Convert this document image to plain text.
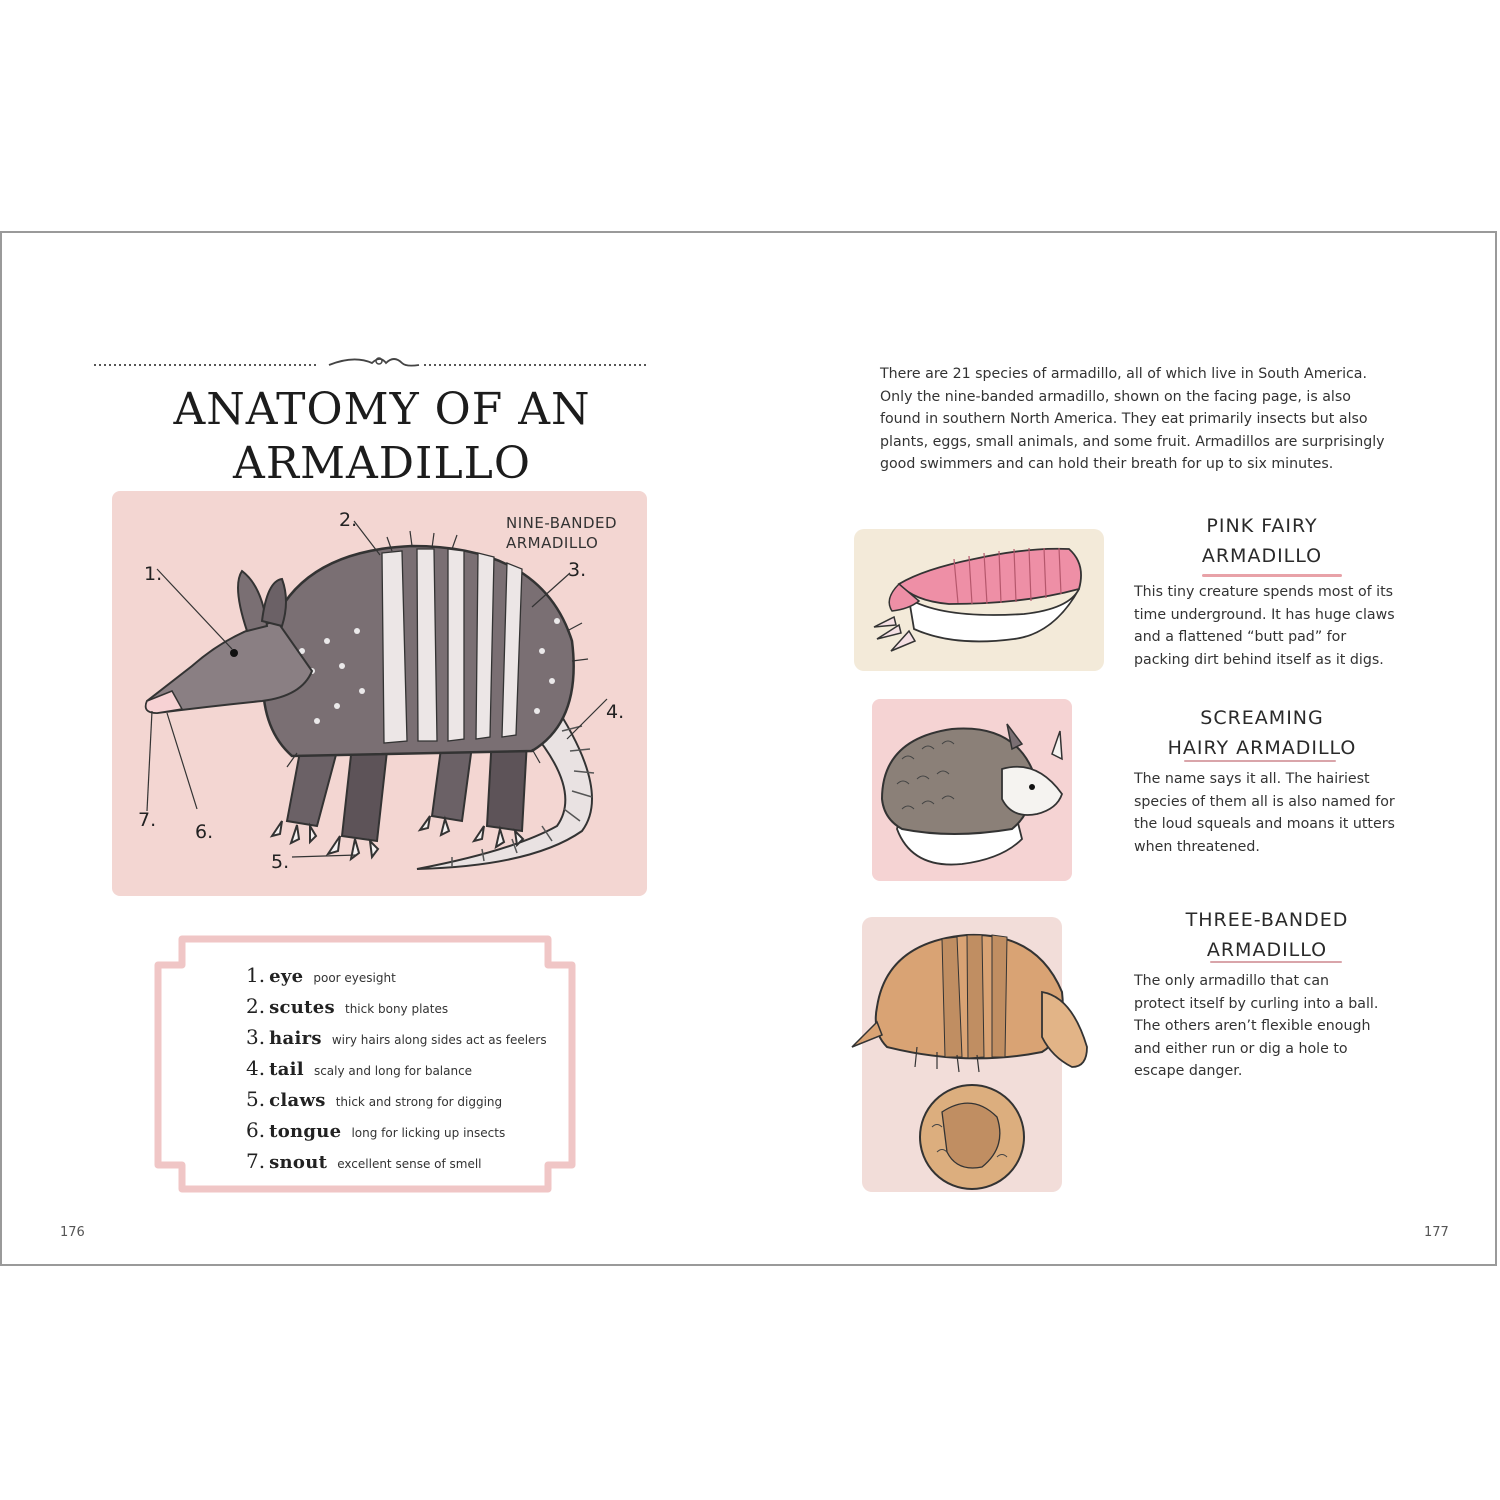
ANATOMY OF AN
ARMADILLO
NINE-BANDED
ARMADILLO
1.
2.
3.
4.
5.
6.
7.
1. eye poor eyesight
2. scutes thick bony plates
3. hairs wiry hairs along sides act as feelers
4. tail scaly and long for balance
5. claws thick and strong for digging
6. tongue long for licking up insects
7. snout excellent sense of smell
176
There are 21 species of armadillo, all of which live in South America. Only the nine-banded armadillo, shown on the facing page, is also found in southern North America. They eat primarily insects but also plants, eggs, small animals, and some fruit. Armadillos are surprisingly good swimmers and can hold their breath for up to six minutes.
PINK FAIRY
ARMADILLO
This tiny creature spends most of its time underground. It has huge claws and a flattened “butt pad” for packing dirt behind itself as it digs.
SCREAMING
HAIRY ARMADILLO
The name says it all. The hairiest species of them all is also named for the loud squeals and moans it utters when threatened.
THREE-BANDED
ARMADILLO
The only armadillo that can protect itself by curling into a ball. The others aren’t flexible enough and either run or dig a hole to escape danger.
177
